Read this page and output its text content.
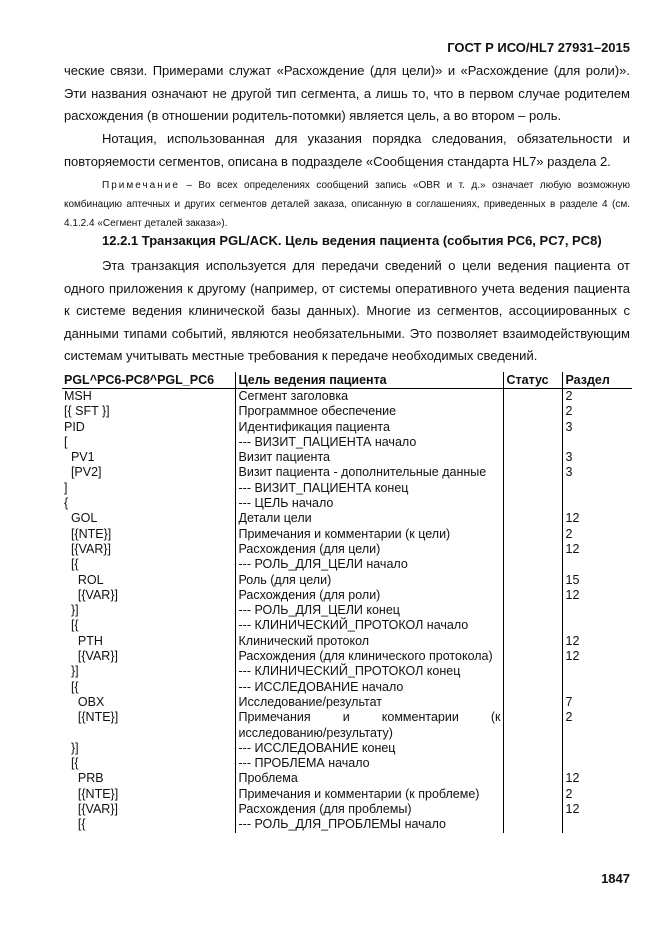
ГОСТ Р ИСО/HL7 27931–2015
ческие связи. Примерами служат «Расхождение (для цели)» и «Расхождение (для роли)». Эти названия означают не другой тип сегмента, а лишь то, что в первом случае родителем расхождения (в отношении родитель-потомки) является цель, а во втором – роль.
Нотация, использованная для указания порядка следования, обязательности и повторяемости сегментов, описана в подразделе «Сообщения стандарта HL7» раздела 2.
Примечание – Во всех определениях сообщений запись «OBR и т. д.» означает любую возможную комбинацию аптечных и других сегментов деталей заказа, описанную в соглашениях, приведенных в разделе 4 (см. 4.1.2.4 «Сегмент деталей заказа»).
12.2.1 Транзакция PGL/ACK. Цель ведения пациента (события PC6, PC7, PC8)
Эта транзакция используется для передачи сведений о цели ведения пациента от одного приложения к другому (например, от системы оперативного учета ведения пациента к системе ведения клинической базы данных). Многие из сегментов, ассоциированных с данными типами событий, являются необязательными. Это позволяет взаимодействующим системам учитывать местные требования к передаче необходимых сведений.
PGL^PC6-PC8^PGL_PC6	Цель ведения пациента	Статус	Раздел
MSH	Сегмент заголовка		2
[{ SFT }]	Программное обеспечение		2
PID	Идентификация пациента		3
[	--- ВИЗИТ_ПАЦИЕНТА начало		
PV1	Визит пациента		3
[PV2]	Визит пациента - дополнительные данные		3
]	--- ВИЗИТ_ПАЦИЕНТА конец		
{	--- ЦЕЛЬ начало		
GOL	Детали цели		12
[{NTE}]	Примечания и комментарии (к цели)		2
[{VAR}]	Расхождения (для цели)		12
[{	--- РОЛЬ_ДЛЯ_ЦЕЛИ начало		
ROL	Роль (для цели)		15
[{VAR}]	Расхождения (для роли)		12
}]	--- РОЛЬ_ДЛЯ_ЦЕЛИ конец		
[{	--- КЛИНИЧЕСКИЙ_ПРОТОКОЛ начало		
PTH	Клинический протокол		12
[{VAR}]	Расхождения (для клинического протокола)		12
}]	--- КЛИНИЧЕСКИЙ_ПРОТОКОЛ конец		
[{	--- ИССЛЕДОВАНИЕ начало		
OBX	Исследование/результат		7
[{NTE}]	Примечания и комментарии (к исследованию/результату)		2
}]	--- ИССЛЕДОВАНИЕ конец		
[{	--- ПРОБЛЕМА начало		
PRB	Проблема		12
[{NTE}]	Примечания и комментарии (к проблеме)		2
[{VAR}]	Расхождения (для проблемы)		12
[{	--- РОЛЬ_ДЛЯ_ПРОБЛЕМЫ начало		
1847
